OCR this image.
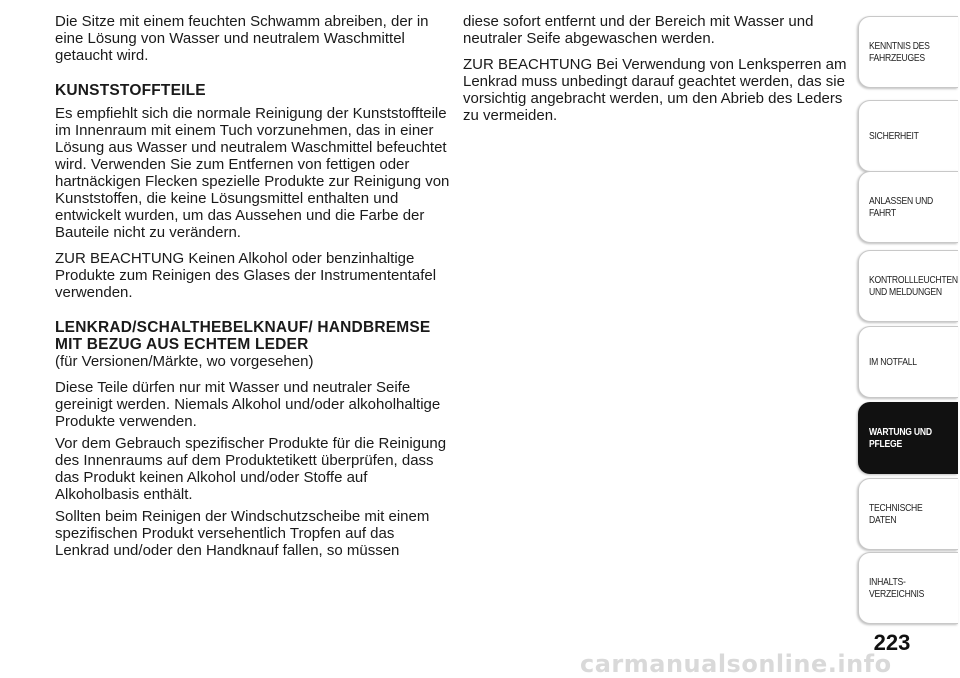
Die Sitze mit einem feuchten Schwamm abreiben, der in eine Lösung von Wasser und neutralem Waschmittel getaucht wird.

KUNSTSTOFFTEILE

Es empfiehlt sich die normale Reinigung der Kunststoffteile im Innenraum mit einem Tuch vorzunehmen, das in einer Lösung aus Wasser und neutralem Waschmittel befeuchtet wird. Verwenden Sie zum Entfernen von fettigen oder hartnäckigen Flecken spezielle Produkte zur Reinigung von Kunststoffen, die keine Lösungsmittel enthalten und entwickelt wurden, um das Aussehen und die Farbe der Bauteile nicht zu verändern.

ZUR BEACHTUNG Keinen Alkohol oder benzinhaltige Produkte zum Reinigen des Glases der Instrumententafel verwenden.

LENKRAD/SCHALTHEBELKNAUF/ HANDBREMSE MIT BEZUG AUS ECHTEM LEDER

(für Versionen/Märkte, wo vorgesehen)

Diese Teile dürfen nur mit Wasser und neutraler Seife gereinigt werden. Niemals Alkohol und/oder alkoholhaltige Produkte verwenden.

Vor dem Gebrauch spezifischer Produkte für die Reinigung des Innenraums auf dem Produktetikett überprüfen, dass das Produkt keinen Alkohol und/oder Stoffe auf Alkoholbasis enthält.

Sollten beim Reinigen der Windschutzscheibe mit einem spezifischen Produkt versehentlich Tropfen auf das Lenkrad und/oder den Handknauf fallen, so müssen

diese sofort entfernt und der Bereich mit Wasser und neutraler Seife abgewaschen werden.

ZUR BEACHTUNG Bei Verwendung von Lenksperren am Lenkrad muss unbedingt darauf geachtet werden, das sie vorsichtig angebracht werden, um den Abrieb des Leders zu vermeiden.

KENNTNIS DES
FAHRZEUGES
SICHERHEIT
ANLASSEN UND
FAHRT
KONTROLLLEUCHTEN
UND MELDUNGEN
IM NOTFALL
WARTUNG UND
PFLEGE
TECHNISCHE DATEN
INHALTS-
VERZEICHNIS
223
carmanualsonline.info
